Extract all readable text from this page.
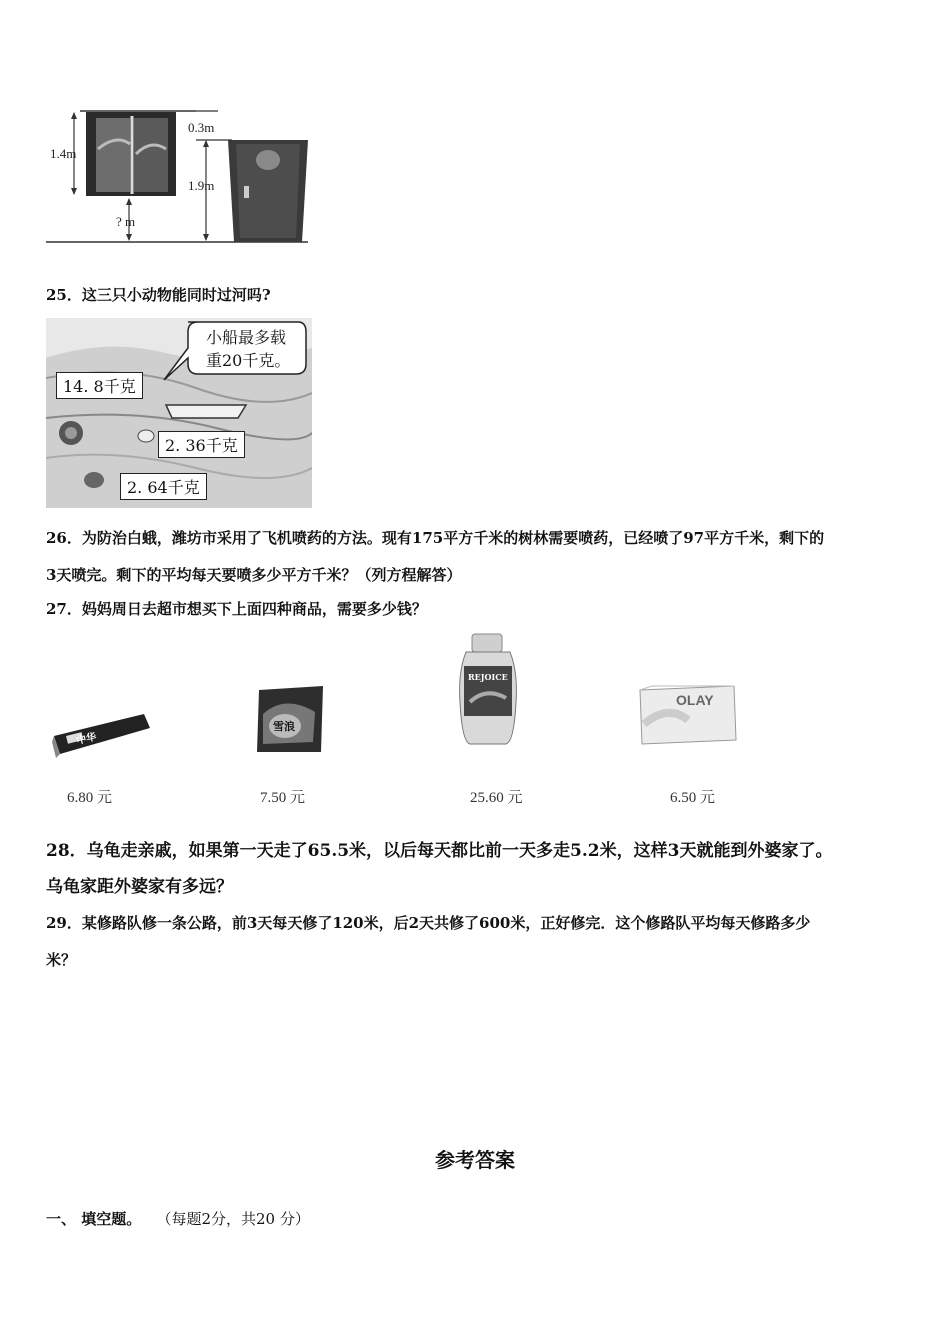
1.4m
0.3m
1.9m
? m
25．这三只小动物能同时过河吗?
小船最多载
重20千克。
14. 8千克
2. 36千克
2. 64千克
26．为防治白蛾，潍坊市采用了飞机喷药的方法。现有175平方千米的树林需要喷药，已经喷了97平方千米，剩下的
3天喷完。剩下的平均每天要喷多少平方千米？（列方程解答）
27．妈妈周日去超市想买下上面四种商品，需要多少钱？
中华
6.80 元
雪浪
7.50 元
REJOICE
25.60 元
OLAY
6.50 元
28．乌龟走亲戚，如果第一天走了65.5米，以后每天都比前一天多走5.2米，这样3天就能到外婆家了。
乌龟家距外婆家有多远？
29．某修路队修一条公路，前3天每天修了120米，后2天共修了600米，正好修完．这个修路队平均每天修路多少
米？
参考答案
一、 填空题。 （每题2分，共20 分）
